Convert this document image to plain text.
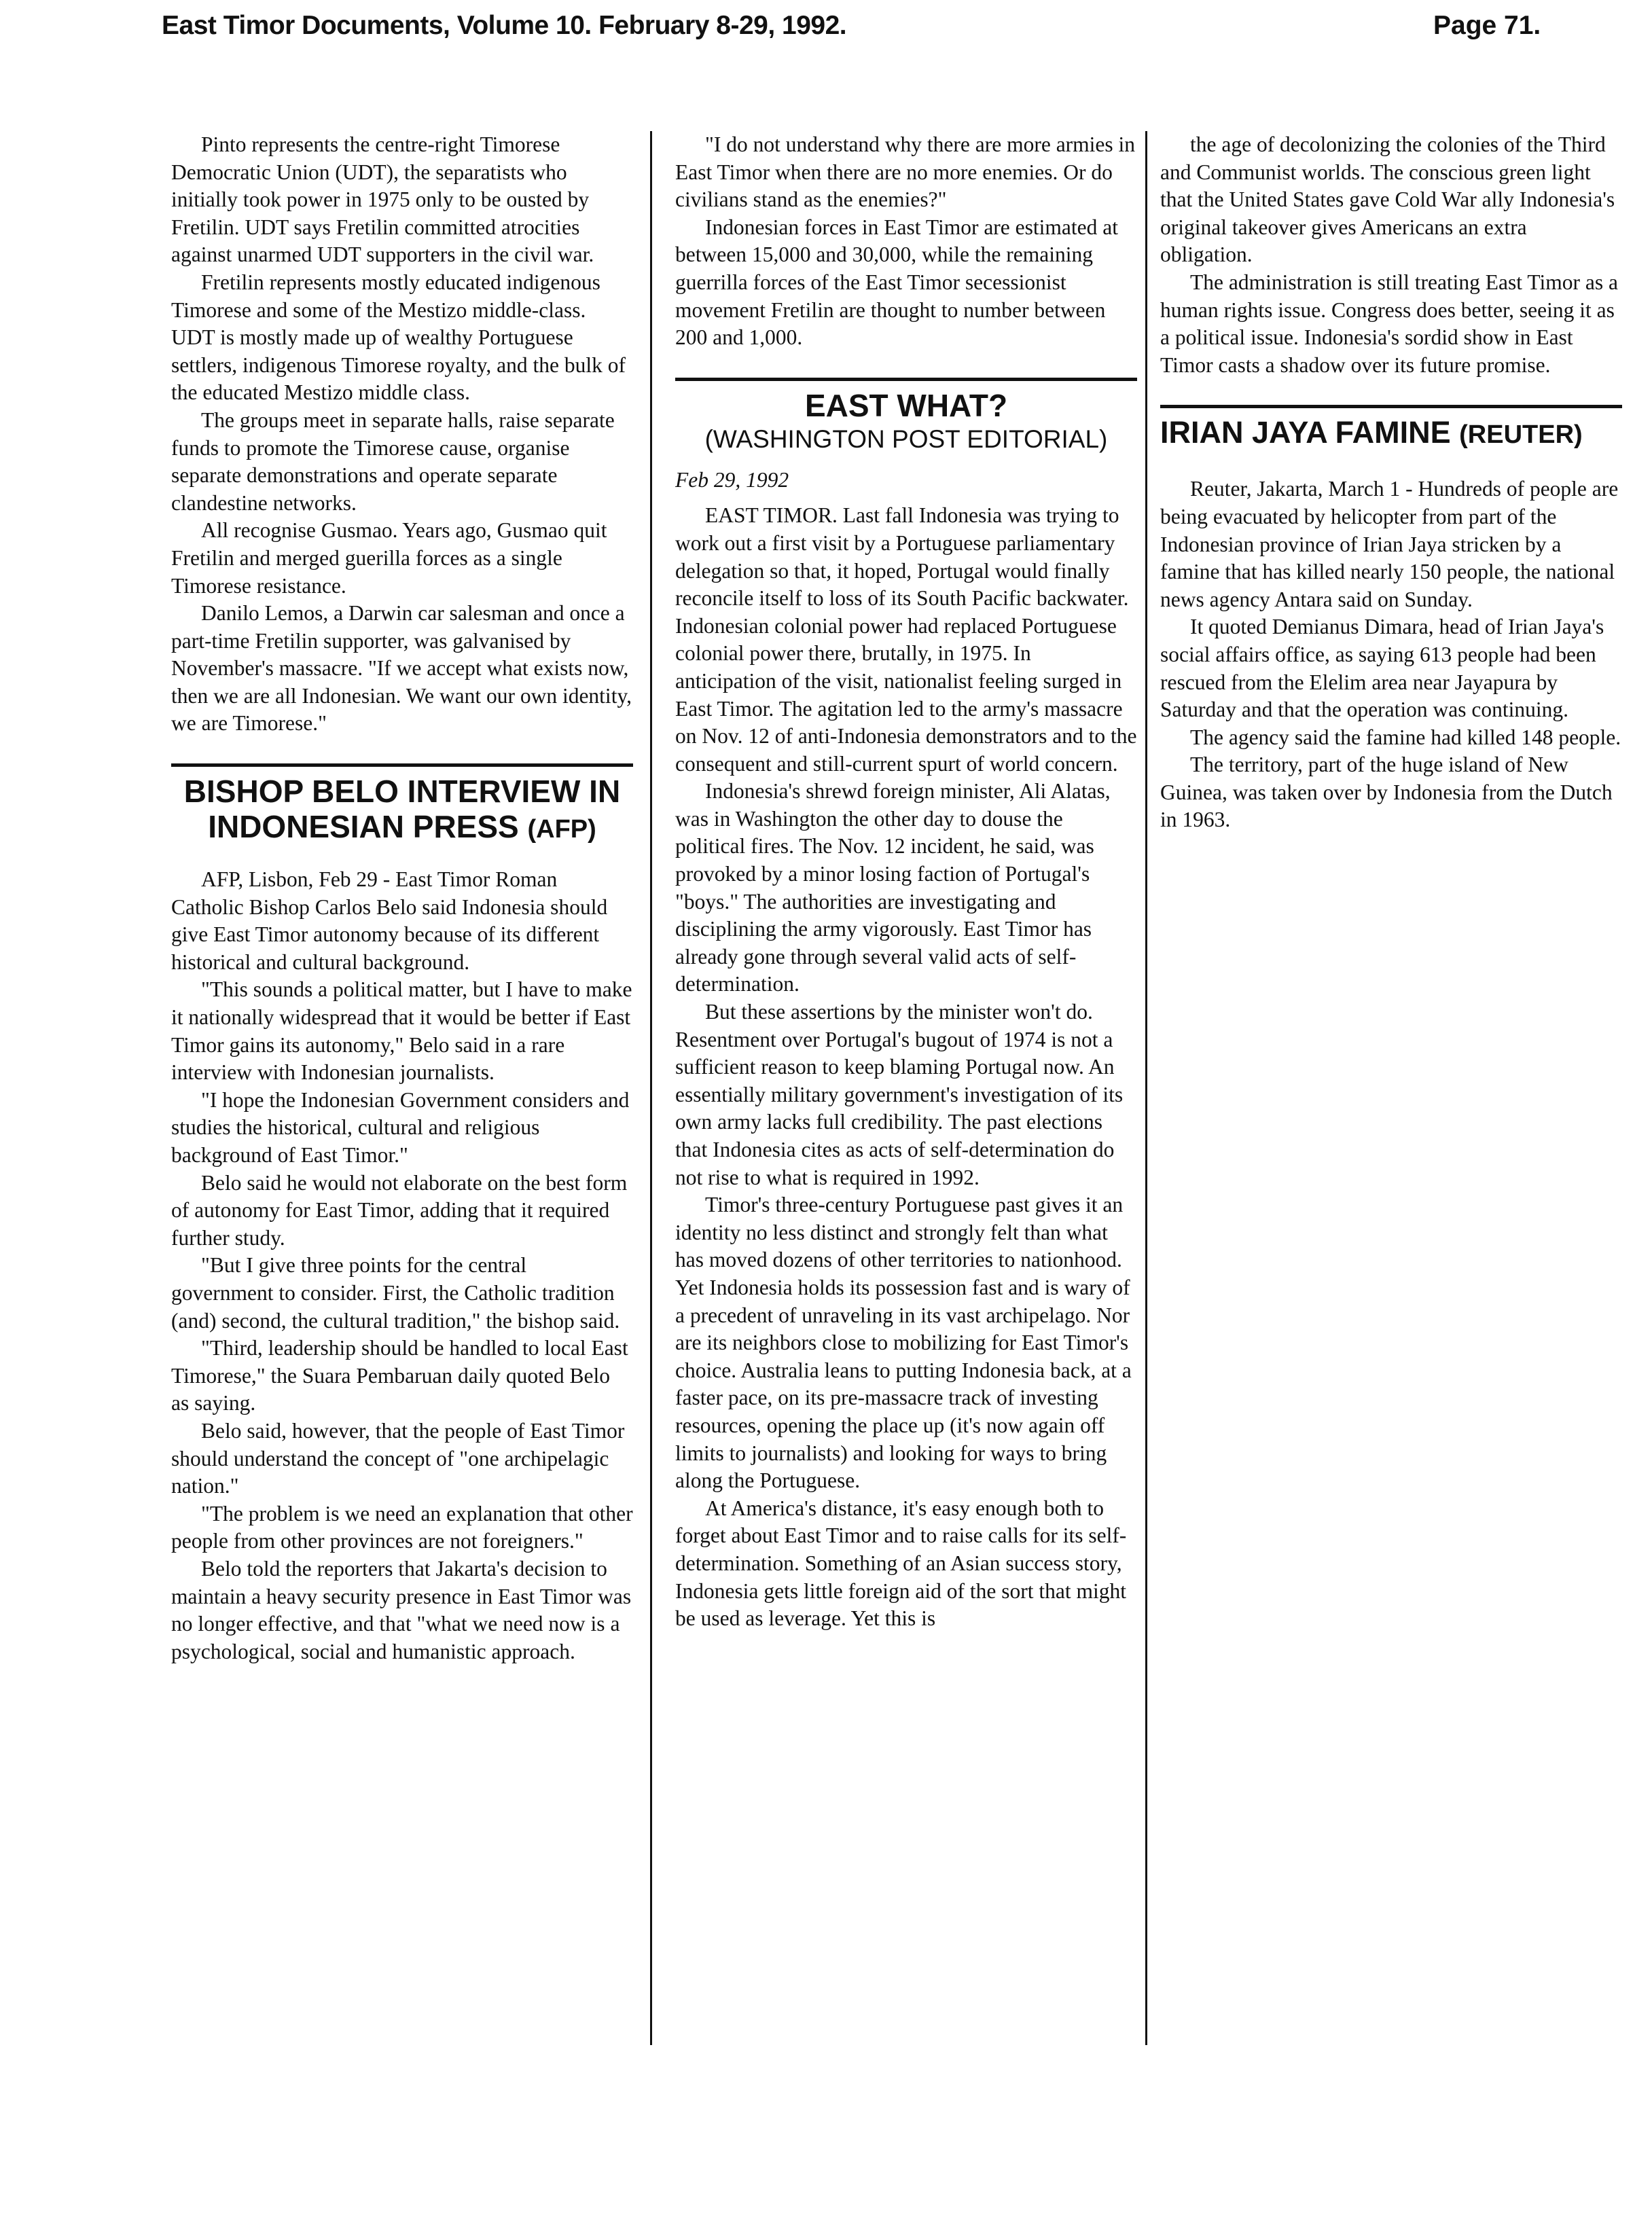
East Timor Documents, Volume 10. February 8-29, 1992.	Page 71.

Pinto represents the centre-right Timorese Democratic Union (UDT), the separatists who initially took power in 1975 only to be ousted by Fretilin. UDT says Fretilin committed atrocities against unarmed UDT supporters in the civil war.

Fretilin represents mostly educated indigenous Timorese and some of the Mestizo middle-class. UDT is mostly made up of wealthy Portuguese settlers, indigenous Timorese royalty, and the bulk of the educated Mestizo middle class.

The groups meet in separate halls, raise separate funds to promote the Timorese cause, organise separate demonstrations and operate separate clandestine networks.

All recognise Gusmao. Years ago, Gusmao quit Fretilin and merged guerilla forces as a single Timorese resistance.

Danilo Lemos, a Darwin car salesman and once a part-time Fretilin supporter, was galvanised by November's massacre. "If we accept what exists now, then we are all Indonesian. We want our own identity, we are Timorese."

BISHOP BELO INTERVIEW IN INDONESIAN PRESS (AFP)

AFP, Lisbon, Feb 29 - East Timor Roman Catholic Bishop Carlos Belo said Indonesia should give East Timor autonomy because of its different historical and cultural background.

"This sounds a political matter, but I have to make it nationally widespread that it would be better if East Timor gains its autonomy," Belo said in a rare interview with Indonesian journalists.

"I hope the Indonesian Government considers and studies the historical, cultural and religious background of East Timor."

Belo said he would not elaborate on the best form of autonomy for East Timor, adding that it required further study.

"But I give three points for the central government to consider. First, the Catholic tradition (and) second, the cultural tradition," the bishop said.

"Third, leadership should be handled to local East Timorese," the Suara Pembaruan daily quoted Belo as saying.

Belo said, however, that the people of East Timor should understand the concept of "one archipelagic nation."

"The problem is we need an explanation that other people from other provinces are not foreigners."

Belo told the reporters that Jakarta's decision to maintain a heavy security presence in East Timor was no longer effective, and that "what we need now is a psychological, social and humanistic approach.

"I do not understand why there are more armies in East Timor when there are no more enemies. Or do civilians stand as the enemies?"

Indonesian forces in East Timor are estimated at between 15,000 and 30,000, while the remaining guerrilla forces of the East Timor secessionist movement Fretilin are thought to number between 200 and 1,000.

EAST WHAT?
(WASHINGTON POST EDITORIAL)

Feb 29, 1992

EAST TIMOR. Last fall Indonesia was trying to work out a first visit by a Portuguese parliamentary delegation so that, it hoped, Portugal would finally reconcile itself to loss of its South Pacific backwater. Indonesian colonial power had replaced Portuguese colonial power there, brutally, in 1975. In anticipation of the visit, nationalist feeling surged in East Timor. The agitation led to the army's massacre on Nov. 12 of anti-Indonesia demonstrators and to the consequent and still-current spurt of world concern.

Indonesia's shrewd foreign minister, Ali Alatas, was in Washington the other day to douse the political fires. The Nov. 12 incident, he said, was provoked by a minor losing faction of Portugal's "boys." The authorities are investigating and disciplining the army vigorously. East Timor has already gone through several valid acts of self-determination.

But these assertions by the minister won't do. Resentment over Portugal's bugout of 1974 is not a sufficient reason to keep blaming Portugal now. An essentially military government's investigation of its own army lacks full credibility. The past elections that Indonesia cites as acts of self-determination do not rise to what is required in 1992.

Timor's three-century Portuguese past gives it an identity no less distinct and strongly felt than what has moved dozens of other territories to nationhood. Yet Indonesia holds its possession fast and is wary of a precedent of unraveling in its vast archipelago. Nor are its neighbors close to mobilizing for East Timor's choice. Australia leans to putting Indonesia back, at a faster pace, on its pre-massacre track of investing resources, opening the place up (it's now again off limits to journalists) and looking for ways to bring along the Portuguese.

At America's distance, it's easy enough both to forget about East Timor and to raise calls for its self-determination. Something of an Asian success story, Indonesia gets little foreign aid of the sort that might be used as leverage. Yet this is

the age of decolonizing the colonies of the Third and Communist worlds. The conscious green light that the United States gave Cold War ally Indonesia's original takeover gives Americans an extra obligation.

The administration is still treating East Timor as a human rights issue. Congress does better, seeing it as a political issue. Indonesia's sordid show in East Timor casts a shadow over its future promise.

IRIAN JAYA FAMINE (REUTER)

Reuter, Jakarta, March 1 - Hundreds of people are being evacuated by helicopter from part of the Indonesian province of Irian Jaya stricken by a famine that has killed nearly 150 people, the national news agency Antara said on Sunday.

It quoted Demianus Dimara, head of Irian Jaya's social affairs office, as saying 613 people had been rescued from the Elelim area near Jayapura by Saturday and that the operation was continuing.

The agency said the famine had killed 148 people.

The territory, part of the huge island of New Guinea, was taken over by Indonesia from the Dutch in 1963.
